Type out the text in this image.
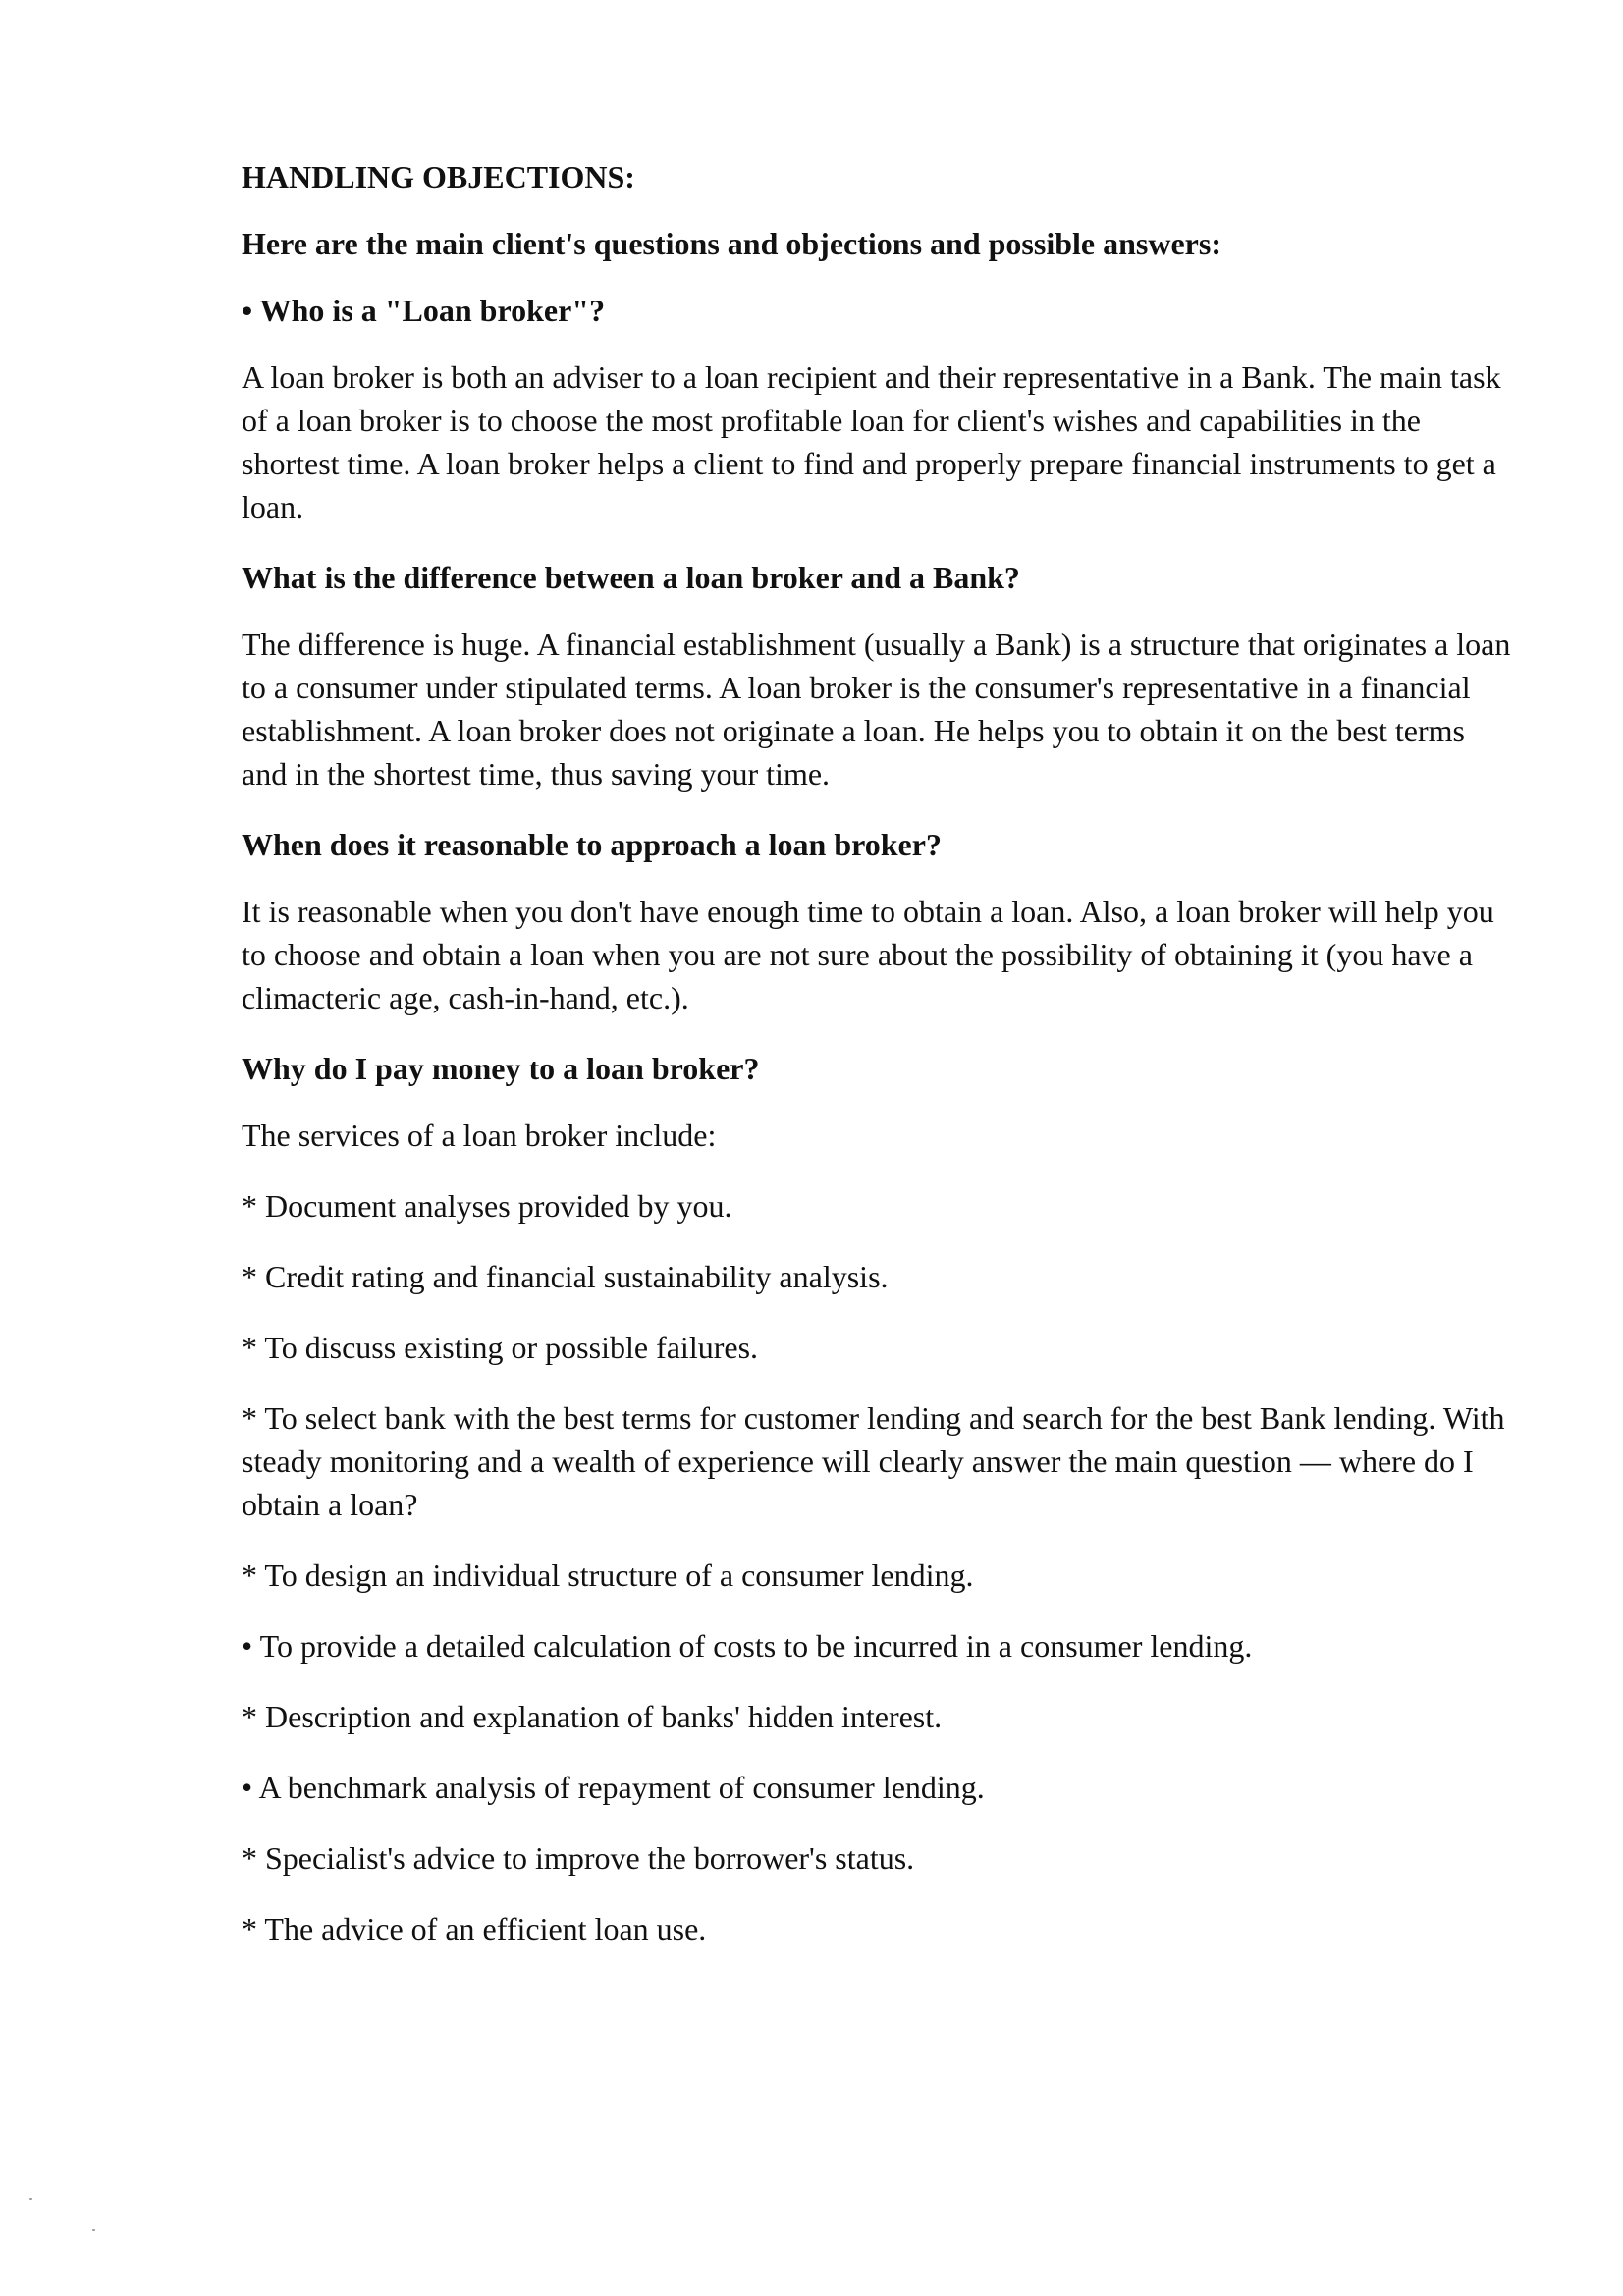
HANDLING OBJECTIONS:
Here are the main client's questions and objections and possible answers:
• Who is a "Loan broker"?
A loan broker is both an adviser to a loan recipient and their representative in a Bank. The main task of a loan broker is to choose the most profitable loan for client's wishes and capabilities in the shortest time. A loan broker helps a client to find and properly prepare financial instruments to get a loan.
What is the difference between a loan broker and a Bank?
The difference is huge. A financial establishment (usually a Bank) is a structure that originates a loan to a consumer under stipulated terms. A loan broker is the consumer's representative in a financial establishment. A loan broker does not originate a loan. He helps you to obtain it on the best terms and in the shortest time, thus saving your time.
When does it reasonable to approach a loan broker?
It is reasonable when you don't have enough time to obtain a loan. Also, a loan broker will help you to choose and obtain a loan when you are not sure about the possibility of obtaining it (you have a climacteric age, cash-in-hand, etc.).
Why do I pay money to a loan broker?
The services of a loan broker include:
* Document analyses provided by you.
* Credit rating and financial sustainability analysis.
* To discuss existing or possible failures.
* To select bank with the best terms for customer lending and search for the best Bank lending. With steady monitoring and a wealth of experience will clearly answer the main question — where do I obtain a loan?
* To design an individual structure of a consumer lending.
• To provide a detailed calculation of costs to be incurred in a consumer lending.
* Description and explanation of banks' hidden interest.
• A benchmark analysis of repayment of consumer lending.
* Specialist's advice to improve the borrower's status.
* The advice of an efficient loan use.
